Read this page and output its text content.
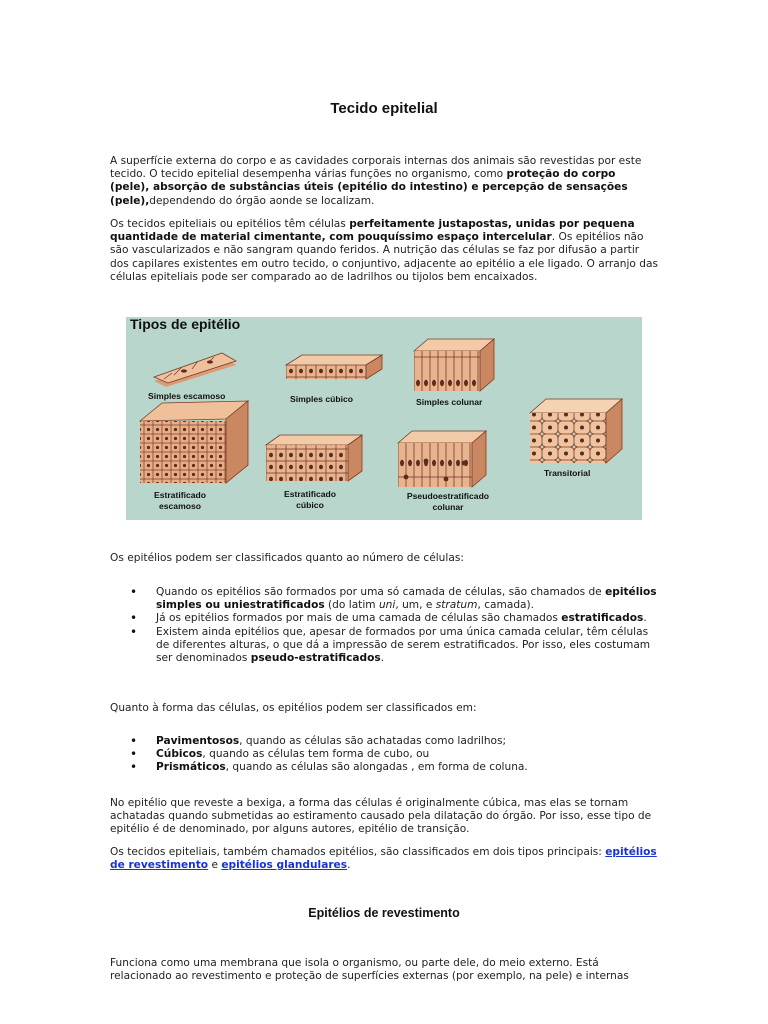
Tecido epitelial

A superfície externa do corpo e as cavidades corporais internas dos animais são revestidas por este tecido. O tecido epitelial desempenha várias funções no organismo, como proteção do corpo (pele), absorção de substâncias úteis (epitélio do intestino) e percepção de sensações (pele),dependendo do órgão aonde se localizam.

Os tecidos epiteliais ou epitélios têm células perfeitamente justapostas, unidas por pequena quantidade de material cimentante, com pouquíssimo espaço intercelular. Os epitélios não são vascularizados e não sangram quando feridos. A nutrição das células se faz por difusão a partir dos capilares existentes em outro tecido, o conjuntivo, adjacente ao epitélio a ele ligado. O arranjo das células epiteliais pode ser comparado ao de ladrilhos ou tijolos bem encaixados.

Tipos de epitélio
Simples escamoso	Simples cúbico	Simples colunar
Transitorial
Estratificado
escamoso
Estratificado
cúbico
Pseudoestratificado
colunar

Os epitélios podem ser classificados quanto ao número de células:

• Quando os epitélios são formados por uma só camada de células, são chamados de epitélios simples ou uniestratificados (do latim uni, um, e stratum, camada).
• Já os epitélios formados por mais de uma camada de células são chamados estratificados.
• Existem ainda epitélios que, apesar de formados por uma única camada celular, têm células de diferentes alturas, o que dá a impressão de serem estratificados. Por isso, eles costumam ser denominados pseudo-estratificados.

Quanto à forma das células, os epitélios podem ser classificados em:

• Pavimentosos, quando as células são achatadas como ladrilhos;
• Cúbicos, quando as células tem forma de cubo, ou
• Prismáticos, quando as células são alongadas , em forma de coluna.

No epitélio que reveste a bexiga, a forma das células é originalmente cúbica, mas elas se tornam achatadas quando submetidas ao estiramento causado pela dilatação do órgão. Por isso, esse tipo de epitélio é de denominado, por alguns autores, epitélio de transição.

Os tecidos epiteliais, também chamados epitélios, são classificados em dois tipos principais: epitélios de revestimento e epitélios glandulares.

Epitélios de revestimento

Funciona como uma membrana que isola o organismo, ou parte dele, do meio externo. Está relacionado ao revestimento e proteção de superfícies externas (por exemplo, na pele) e internas
